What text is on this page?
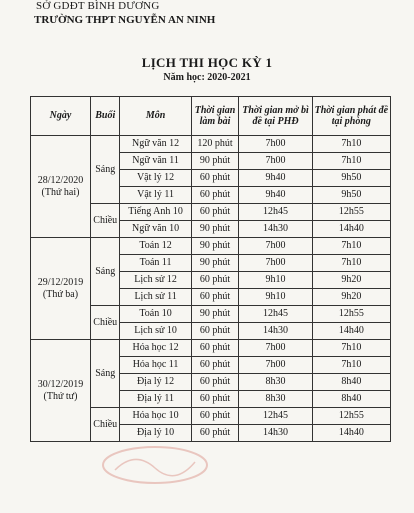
SỞ GDĐT BÌNH DƯƠNG
TRƯỜNG THPT NGUYỄN AN NINH
LỊCH THI HỌC KỲ 1
Năm học: 2020-2021
Ngày	Buổi	Môn	Thời gian làm bài	Thời gian mở bì đề tại PHĐ	Thời gian phát đề tại phòng

28/12/2020
(Thứ hai)	Sáng	Ngữ văn 12	120 phút	7h00	7h10
		Ngữ văn 11	90 phút	7h00	7h10
		Vật lý 12	60 phút	9h40	9h50
		Vật lý 11	60 phút	9h40	9h50
	Chiều	Tiếng Anh 10	60 phút	12h45	12h55
		Ngữ văn 10	90 phút	14h30	14h40

29/12/2019
(Thứ ba)	Sáng	Toán 12	90 phút	7h00	7h10
		Toán 11	90 phút	7h00	7h10
		Lịch sử 12	60 phút	9h10	9h20
		Lịch sử 11	60 phút	9h10	9h20
	Chiều	Toán 10	90 phút	12h45	12h55
		Lịch sử 10	60 phút	14h30	14h40

30/12/2019
(Thứ tư)	Sáng	Hóa học 12	60 phút	7h00	7h10
		Hóa học 11	60 phút	7h00	7h10
		Địa lý 12	60 phút	8h30	8h40
		Địa lý 11	60 phút	8h30	8h40
	Chiều	Hóa học 10	60 phút	12h45	12h55
		Địa lý 10	60 phút	14h30	14h40
